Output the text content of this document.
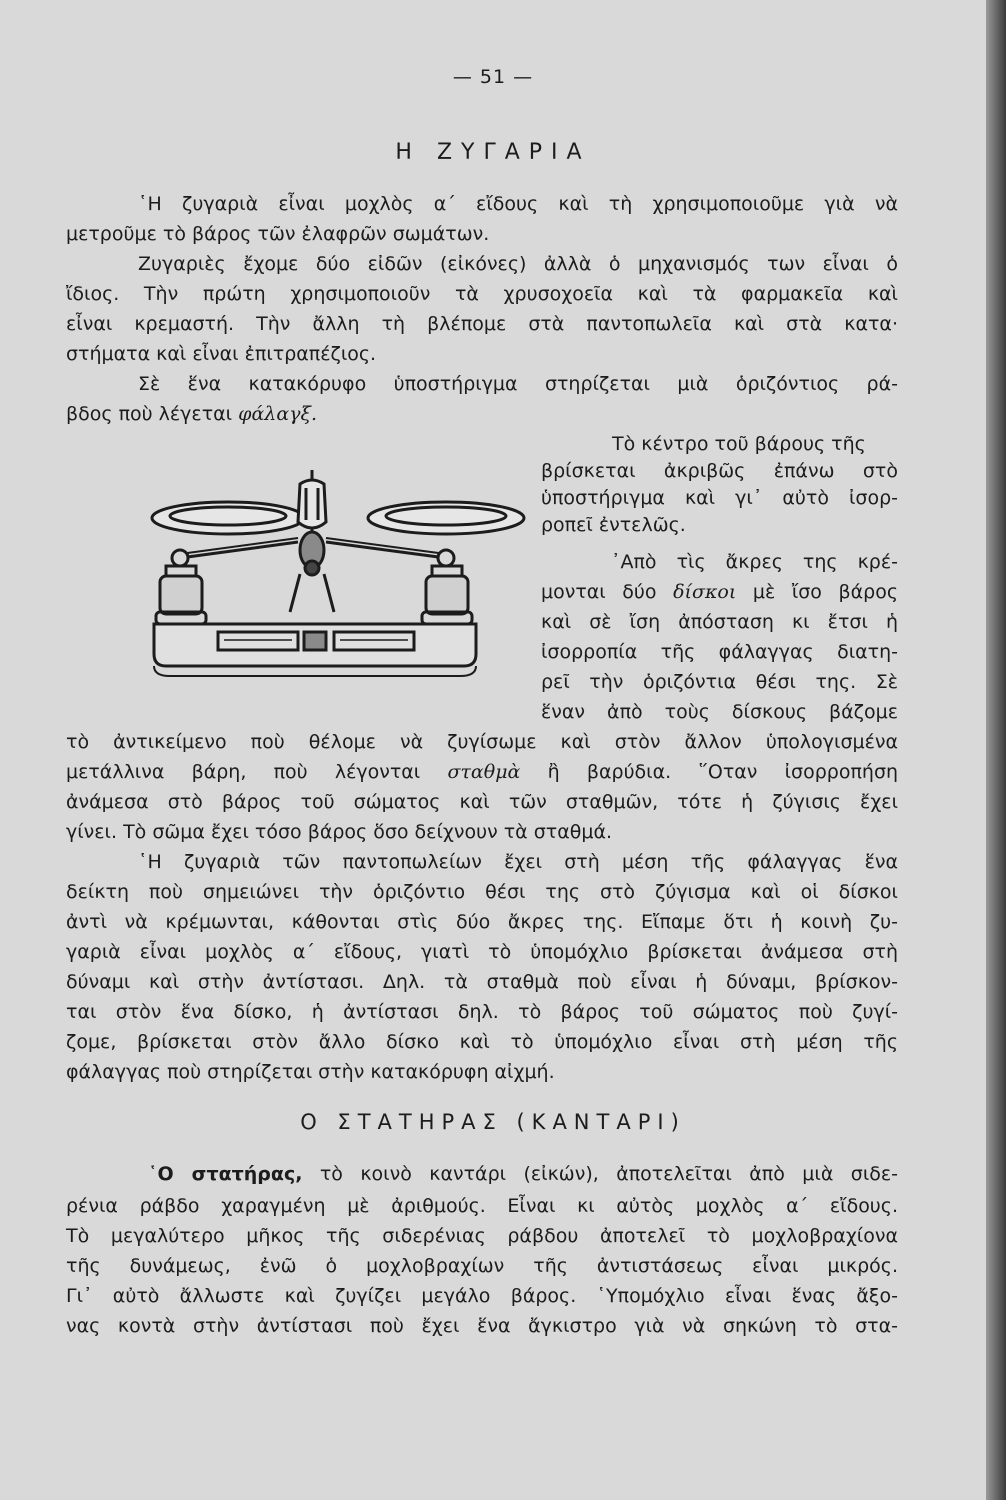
— 51 —
Η ΖΥΓΑΡΙΑ
῾Η ζυγαριὰ εἶναι μοχλὸς α΄ εἴδους καὶ τὴ χρησιμοποιοῦμε γιὰ νὰ
μετροῦμε τὸ βάρος τῶν ἐλαφρῶν σωμάτων.
Ζυγαριὲς ἔχομε δύο εἰδῶν (εἰκόνες) ἀλλὰ ὁ μηχανισμός των εἶναι ὁ
ἴδιος. Τὴν πρώτη χρησιμοποιοῦν τὰ χρυσοχοεῖα καὶ τὰ φαρμακεῖα καὶ
εἶναι κρεμαστή. Τὴν ἄλλη τὴ βλέπομε στὰ παντοπωλεῖα καὶ στὰ κατα·
στήματα καὶ εἶναι ἐπιτραπέζιος.
Σὲ ἕνα κατακόρυφο ὑποστήριγμα στηρίζεται μιὰ ὁριζόντιος ρά-
βδος ποὺ λέγεται φάλαγξ.
Τὸ κέντρο τοῦ βάρους τῆς
βρίσκεται ἀκριβῶς ἐπάνω στὸ
ὑποστήριγμα καὶ γι᾽ αὐτὸ ἰσορ-
ροπεῖ ἐντελῶς.
᾽Απὸ τὶς ἄκρες της κρέ-
μονται δύο δίσκοι μὲ ἴσο βάρος
καὶ σὲ ἴση ἀπόσταση κι ἔτσι ἡ
ἰσορροπία τῆς φάλαγγας διατη-
ρεῖ τὴν ὁριζόντια θέσι της. Σὲ
ἕναν ἀπὸ τοὺς δίσκους βάζομε
τὸ ἀντικείμενο ποὺ θέλομε νὰ ζυγίσωμε καὶ στὸν ἄλλον ὑπολογισμένα
μετάλλινα βάρη, ποὺ λέγονται σταθμὰ ἢ βαρύδια. ῞Οταν ἰσορροπήση
ἀνάμεσα στὸ βάρος τοῦ σώματος καὶ τῶν σταθμῶν, τότε ἡ ζύγισις ἔχει
γίνει. Τὸ σῶμα ἔχει τόσο βάρος ὅσο δείχνουν τὰ σταθμά.
῾Η ζυγαριὰ τῶν παντοπωλείων ἔχει στὴ μέση τῆς φάλαγγας ἕνα
δείκτη ποὺ σημειώνει τὴν ὁριζόντιο θέσι της στὸ ζύγισμα καὶ οἱ δίσκοι
ἀντὶ νὰ κρέμωνται, κάθονται στὶς δύο ἄκρες της. Εἴπαμε ὅτι ἡ κοινὴ ζυ-
γαριὰ εἶναι μοχλὸς α΄ εἴδους, γιατὶ τὸ ὑπομόχλιο βρίσκεται ἀνάμεσα στὴ
δύναμι καὶ στὴν ἀντίστασι. Δηλ. τὰ σταθμὰ ποὺ εἶναι ἡ δύναμι, βρίσκον-
ται στὸν ἕνα δίσκο, ἡ ἀντίστασι δηλ. τὸ βάρος τοῦ σώματος ποὺ ζυγί-
ζομε, βρίσκεται στὸν ἄλλο δίσκο καὶ τὸ ὑπομόχλιο εἶναι στὴ μέση τῆς
φάλαγγας ποὺ στηρίζεται στὴν κατακόρυφη αἰχμή.
Ο ΣΤΑΤΗΡΑΣ (ΚΑΝΤΑΡΙ)
῾Ο στατήρας, τὸ κοινὸ καντάρι (εἰκών), ἀποτελεῖται ἀπὸ μιὰ σιδε-
ρένια ράβδο χαραγμένη μὲ ἀριθμούς. Εἶναι κι αὐτὸς μοχλὸς α΄ εἴδους.
Τὸ μεγαλύτερο μῆκος τῆς σιδερένιας ράβδου ἀποτελεῖ τὸ μοχλοβραχίονα
τῆς δυνάμεως, ἐνῶ ὁ μοχλοβραχίων τῆς ἀντιστάσεως εἶναι μικρός.
Γι᾽ αὐτὸ ἄλλωστε καὶ ζυγίζει μεγάλο βάρος. ῾Υπομόχλιο εἶναι ἕνας ἄξο-
νας κοντὰ στὴν ἀντίστασι ποὺ ἔχει ἕνα ἄγκιστρο γιὰ νὰ σηκώνη τὸ στα-
